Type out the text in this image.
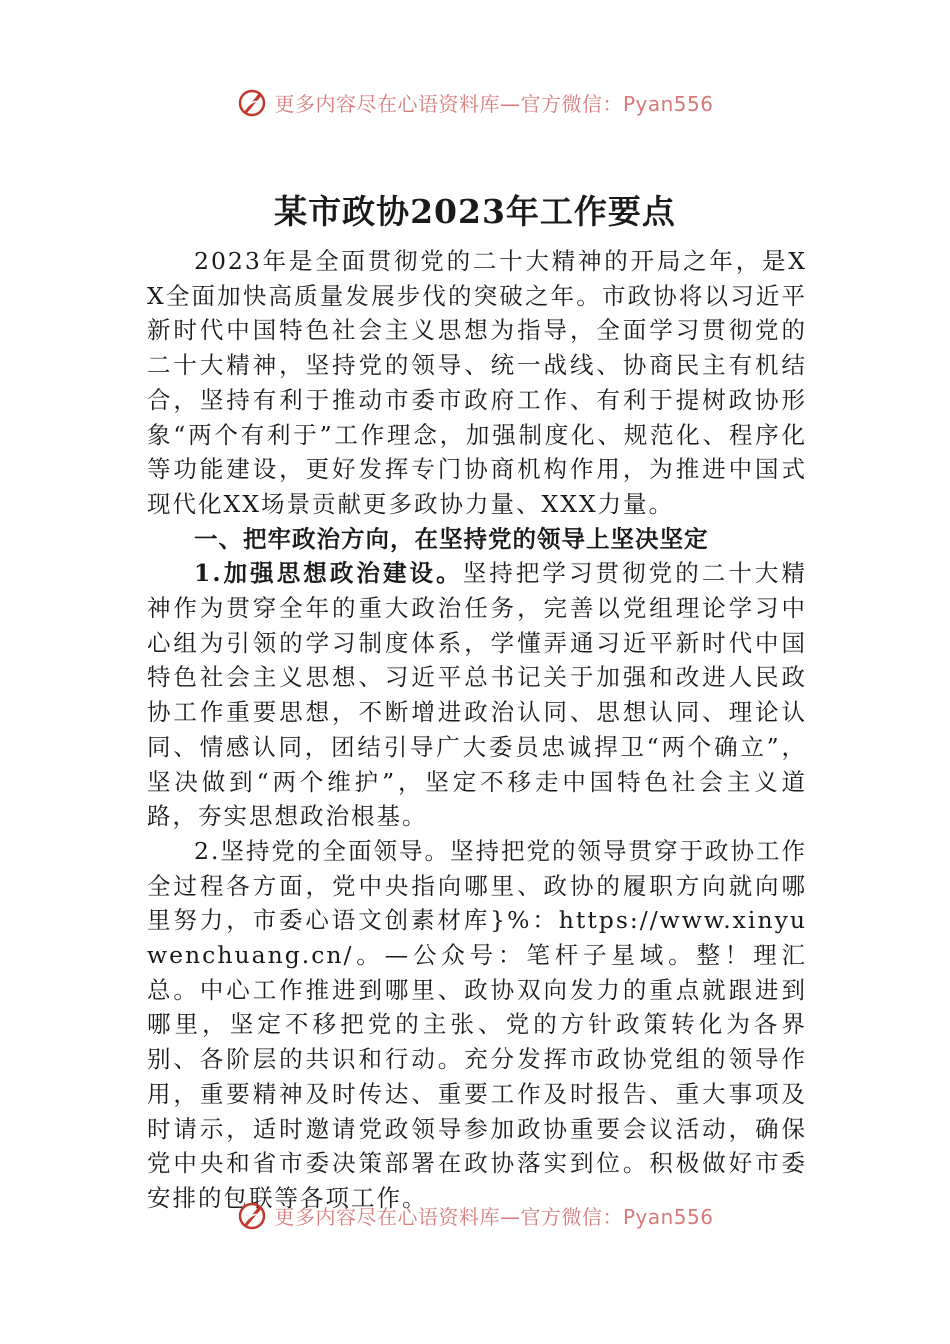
更多内容尽在心语资料库—官方微信：Pyan556
某市政协2023年工作要点

2023年是全面贯彻党的二十大精神的开局之年，是XX全面加快高质量发展步伐的突破之年。市政协将以习近平新时代中国特色社会主义思想为指导，全面学习贯彻党的二十大精神，坚持党的领导、统一战线、协商民主有机结合，坚持有利于推动市委市政府工作、有利于提树政协形象“两个有利于”工作理念，加强制度化、规范化、程序化等功能建设，更好发挥专门协商机构作用，为推进中国式现代化XX场景贡献更多政协力量、XXX力量。

一、把牢政治方向，在坚持党的领导上坚决坚定

1.加强思想政治建设。坚持把学习贯彻党的二十大精神作为贯穿全年的重大政治任务，完善以党组理论学习中心组为引领的学习制度体系，学懂弄通习近平新时代中国特色社会主义思想、习近平总书记关于加强和改进人民政协工作重要思想，不断增进政治认同、思想认同、理论认同、情感认同，团结引导广大委员忠诚捍卫“两个确立”，坚决做到“两个维护”，坚定不移走中国特色社会主义道路，夯实思想政治根基。

2.坚持党的全面领导。坚持把党的领导贯穿于政协工作全过程各方面，党中央指向哪里、政协的履职方向就向哪里努力，市委心语文创素材库}%：https://www.xinyuwenchuang.cn/。—公众号：笔杆子星域。整！理汇总。中心工作推进到哪里、政协双向发力的重点就跟进到哪里，坚定不移把党的主张、党的方针政策转化为各界别、各阶层的共识和行动。充分发挥市政协党组的领导作用，重要精神及时传达、重要工作及时报告、重大事项及时请示，适时邀请党政领导参加政协重要会议活动，确保党中央和省市委决策部署在政协落实到位。积极做好市委安排的包联等各项工作。

更多内容尽在心语资料库—官方微信：Pyan556
